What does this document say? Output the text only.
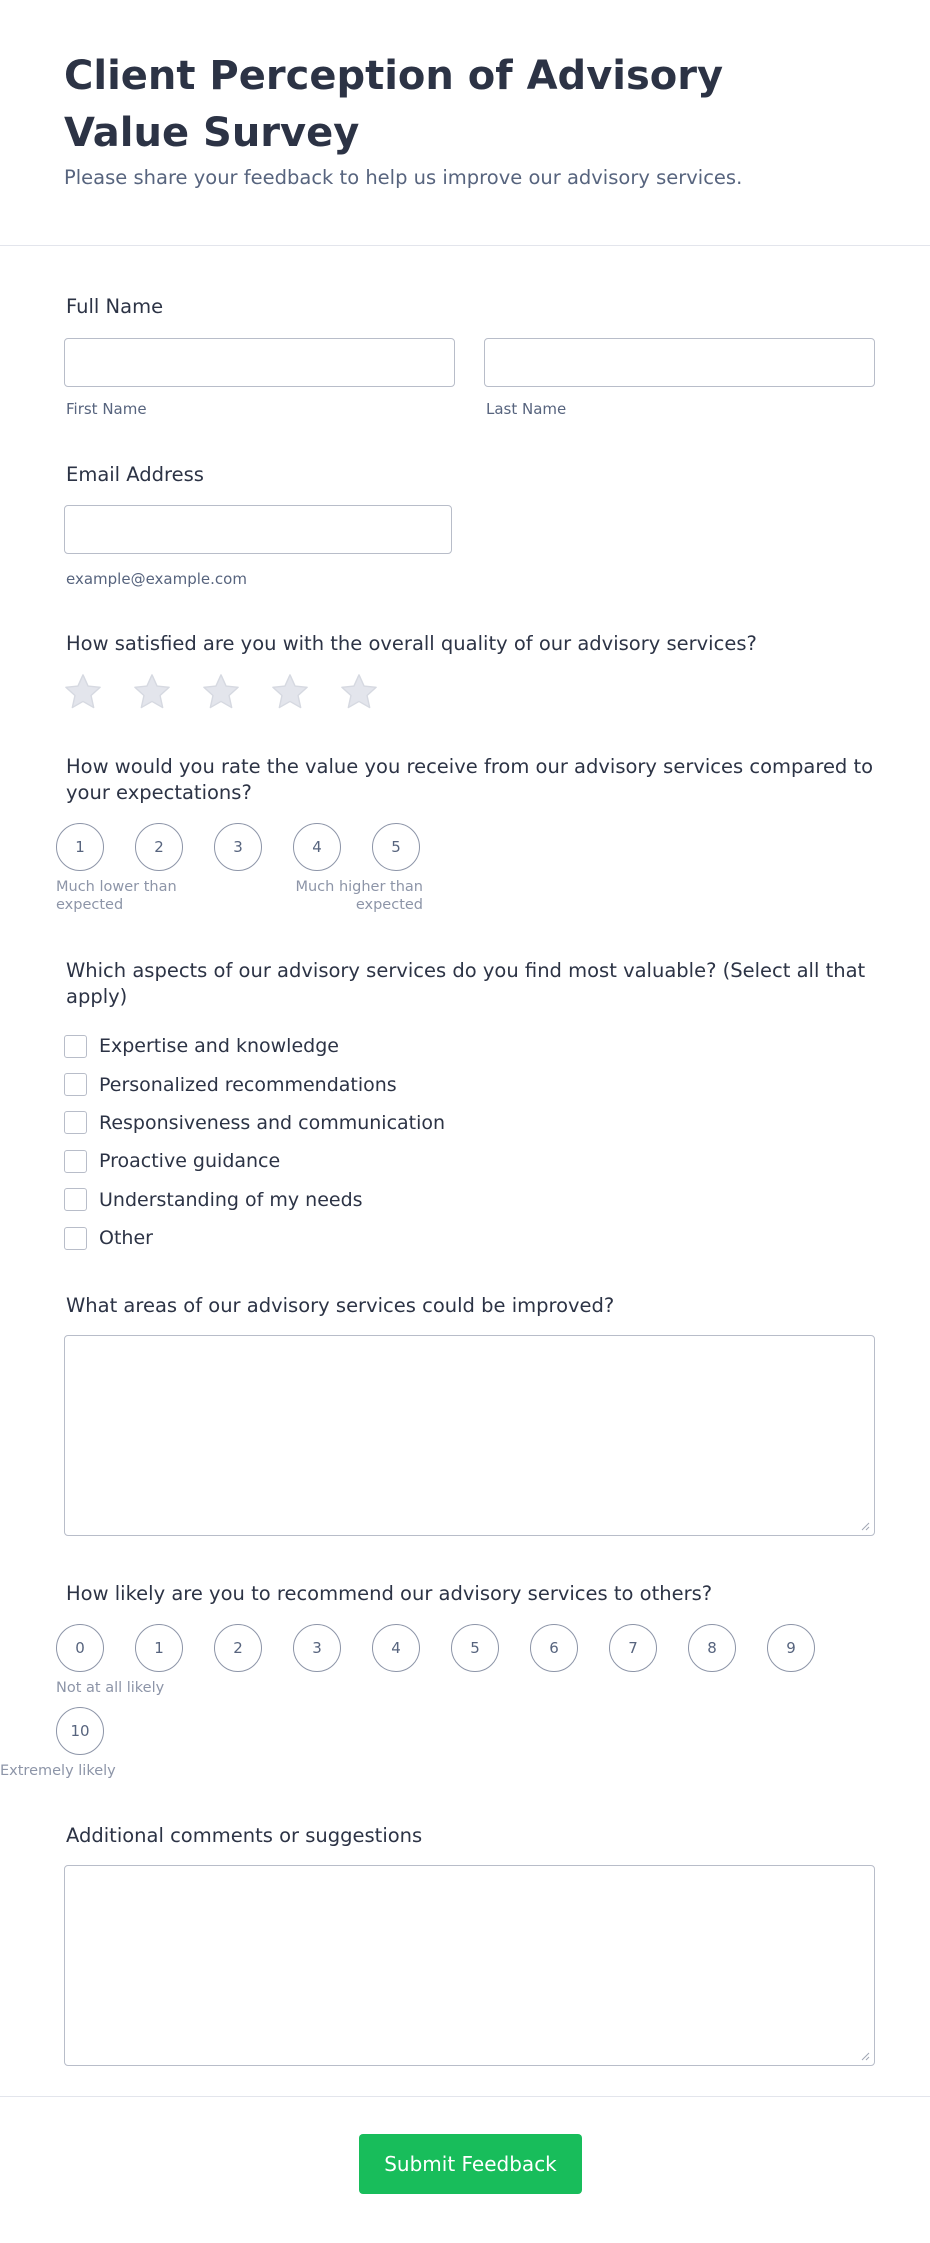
Client Perception of Advisory Value Survey
Please share your feedback to help us improve our advisory services.
Full Name
First Name	Last Name
Email Address
example@example.com
How satisfied are you with the overall quality of our advisory services?
How would you rate the value you receive from our advisory services compared to your expectations?
1	2	3	4	5
Much lower than expected
Much higher than expected
Which aspects of our advisory services do you find most valuable? (Select all that apply)
Expertise and knowledge
Personalized recommendations
Responsiveness and communication
Proactive guidance
Understanding of my needs
Other
What areas of our advisory services could be improved?
How likely are you to recommend our advisory services to others?
0	1	2	3	4	5	6	7	8	9
10
Not at all likely
Extremely likely
Additional comments or suggestions
Submit Feedback
